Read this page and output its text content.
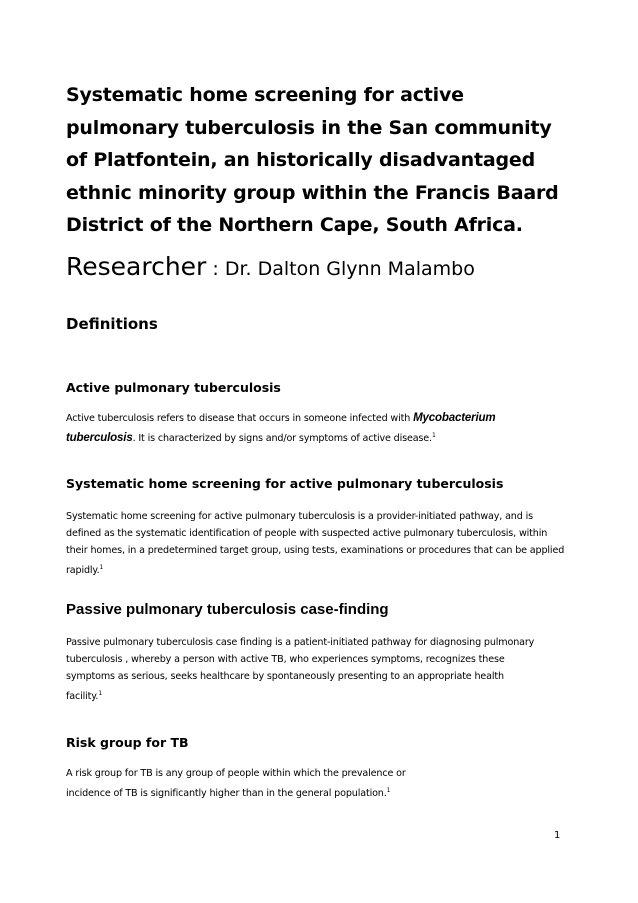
Systematic home screening for active pulmonary tuberculosis in the San community of Platfontein, an historically disadvantaged ethnic minority group within the Francis Baard District of the Northern Cape, South Africa.

Researcher : Dr. Dalton Glynn Malambo

Definitions
Active pulmonary tuberculosis

Active tuberculosis refers to disease that occurs in someone infected with Mycobacterium tuberculosis. It is characterized by signs and/or symptoms of active disease.$^1$

Systematic home screening for active pulmonary tuberculosis

Systematic home screening for active pulmonary tuberculosis is a provider-initiated pathway, and is defined as the systematic identification of people with suspected active pulmonary tuberculosis, within their homes, in a predetermined target group, using tests, examinations or procedures that can be applied rapidly.$^1$

Passive pulmonary tuberculosis case-finding

Passive pulmonary tuberculosis case finding is a patient-initiated pathway for diagnosing pulmonary tuberculosis , whereby a person with active TB, who experiences symptoms, recognizes these symptoms as serious, seeks healthcare by spontaneously presenting to an appropriate health facility.$^1$

Risk group for TB

A risk group for TB is any group of people within which the prevalence or incidence of TB is significantly higher than in the general population.$^1$

1
